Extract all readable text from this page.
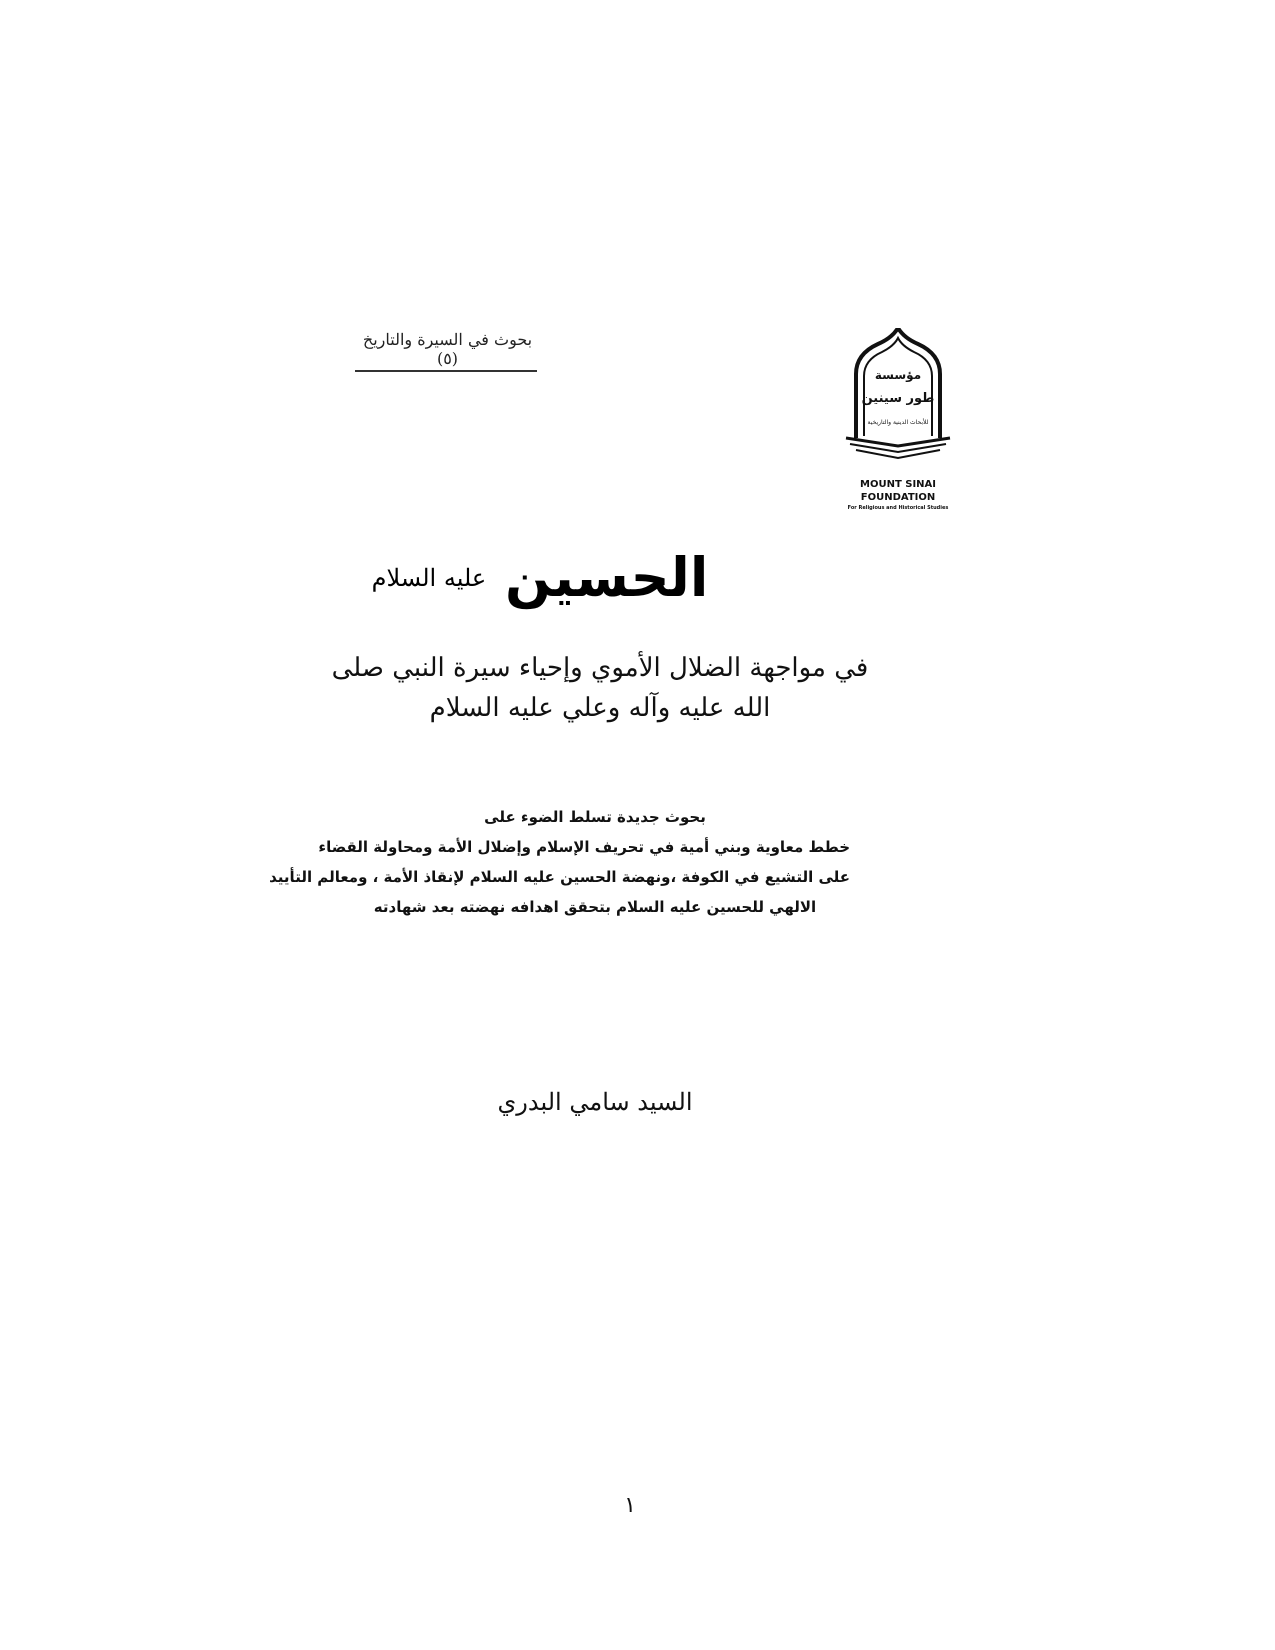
بحوث في السيرة والتاريخ (٥)
مؤسسة
طور سينين
للأبحاث الدينية والتاريخية
MOUNT SINAI
FOUNDATION
For Religious and Historical Studies
الحسين $^{عليه السلام}$
في مواجهة الضلال الأموي وإحياء سيرة النبي صلى الله عليه وآله وعلي عليه السلام
بحوث جديدة تسلط الضوء على
خطط معاوية وبني أمية في تحريف الإسلام وإضلال الأمة ومحاولة القضاء
على التشيع في الكوفة ،ونهضة الحسين عليه السلام لإنقاذ الأمة ، ومعالم التأييد
الالهي للحسين عليه السلام بتحقق اهدافه نهضته بعد شهادته
السيد سامي البدري
١
